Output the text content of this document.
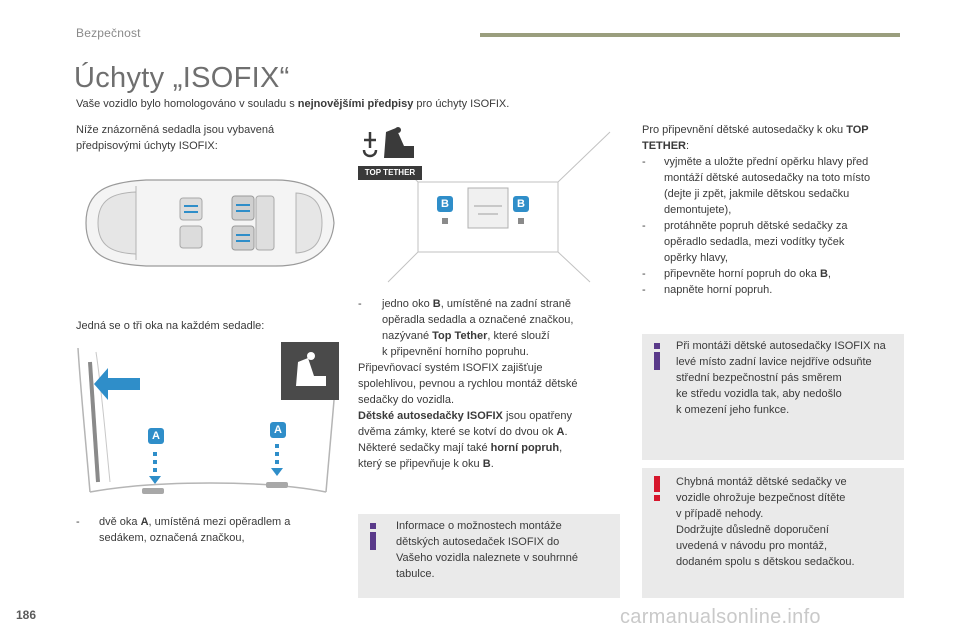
Bezpečnost
Úchyty „ISOFIX“
Vaše vozidlo bylo homologováno v souladu s nejnovějšími předpisy pro úchyty ISOFIX.
Níže znázorněná sedadla jsou vybavená
předpisovými úchyty ISOFIX:
Jedná se o tři oka na každém sedadle:
A	A
- dvě oka A, umístěná mezi opěradlem a
sedákem, označená značkou,
TOP TETHER
B	B
- jedno oko B, umístěné na zadní straně
opěradla sedadla a označené značkou,
nazývané Top Tether, které slouží
k připevnění horního popruhu.
Připevňovací systém ISOFIX zajišťuje
spolehlivou, pevnou a rychlou montáž dětské
sedačky do vozidla.
Dětské autosedačky ISOFIX jsou opatřeny
dvěma zámky, které se kotví do dvou ok A.
Některé sedačky mají také horní popruh,
který se připevňuje k oku B.
Informace o možnostech montáže
dětských autosedaček ISOFIX do
Vašeho vozidla naleznete v souhrnné
tabulce.
Pro připevnění dětské autosedačky k oku TOP
TETHER:
- vyjměte a uložte přední opěrku hlavy před
montáží dětské autosedačky na toto místo
(dejte ji zpět, jakmile dětskou sedačku
demontujete),
- protáhněte popruh dětské sedačky za
opěradlo sedadla, mezi vodítky tyček
opěrky hlavy,
- připevněte horní popruh do oka B,
- napněte horní popruh.
Při montáži dětské autosedačky ISOFIX na
levé místo zadní lavice nejdříve odsuňte
střední bezpečnostní pás směrem
ke středu vozidla tak, aby nedošlo
k omezení jeho funkce.
Chybná montáž dětské sedačky ve
vozidle ohrožuje bezpečnost dítěte
v případě nehody.
Dodržujte důsledně doporučení
uvedená v návodu pro montáž,
dodaném spolu s dětskou sedačkou.
186	carmanualsonline.info
